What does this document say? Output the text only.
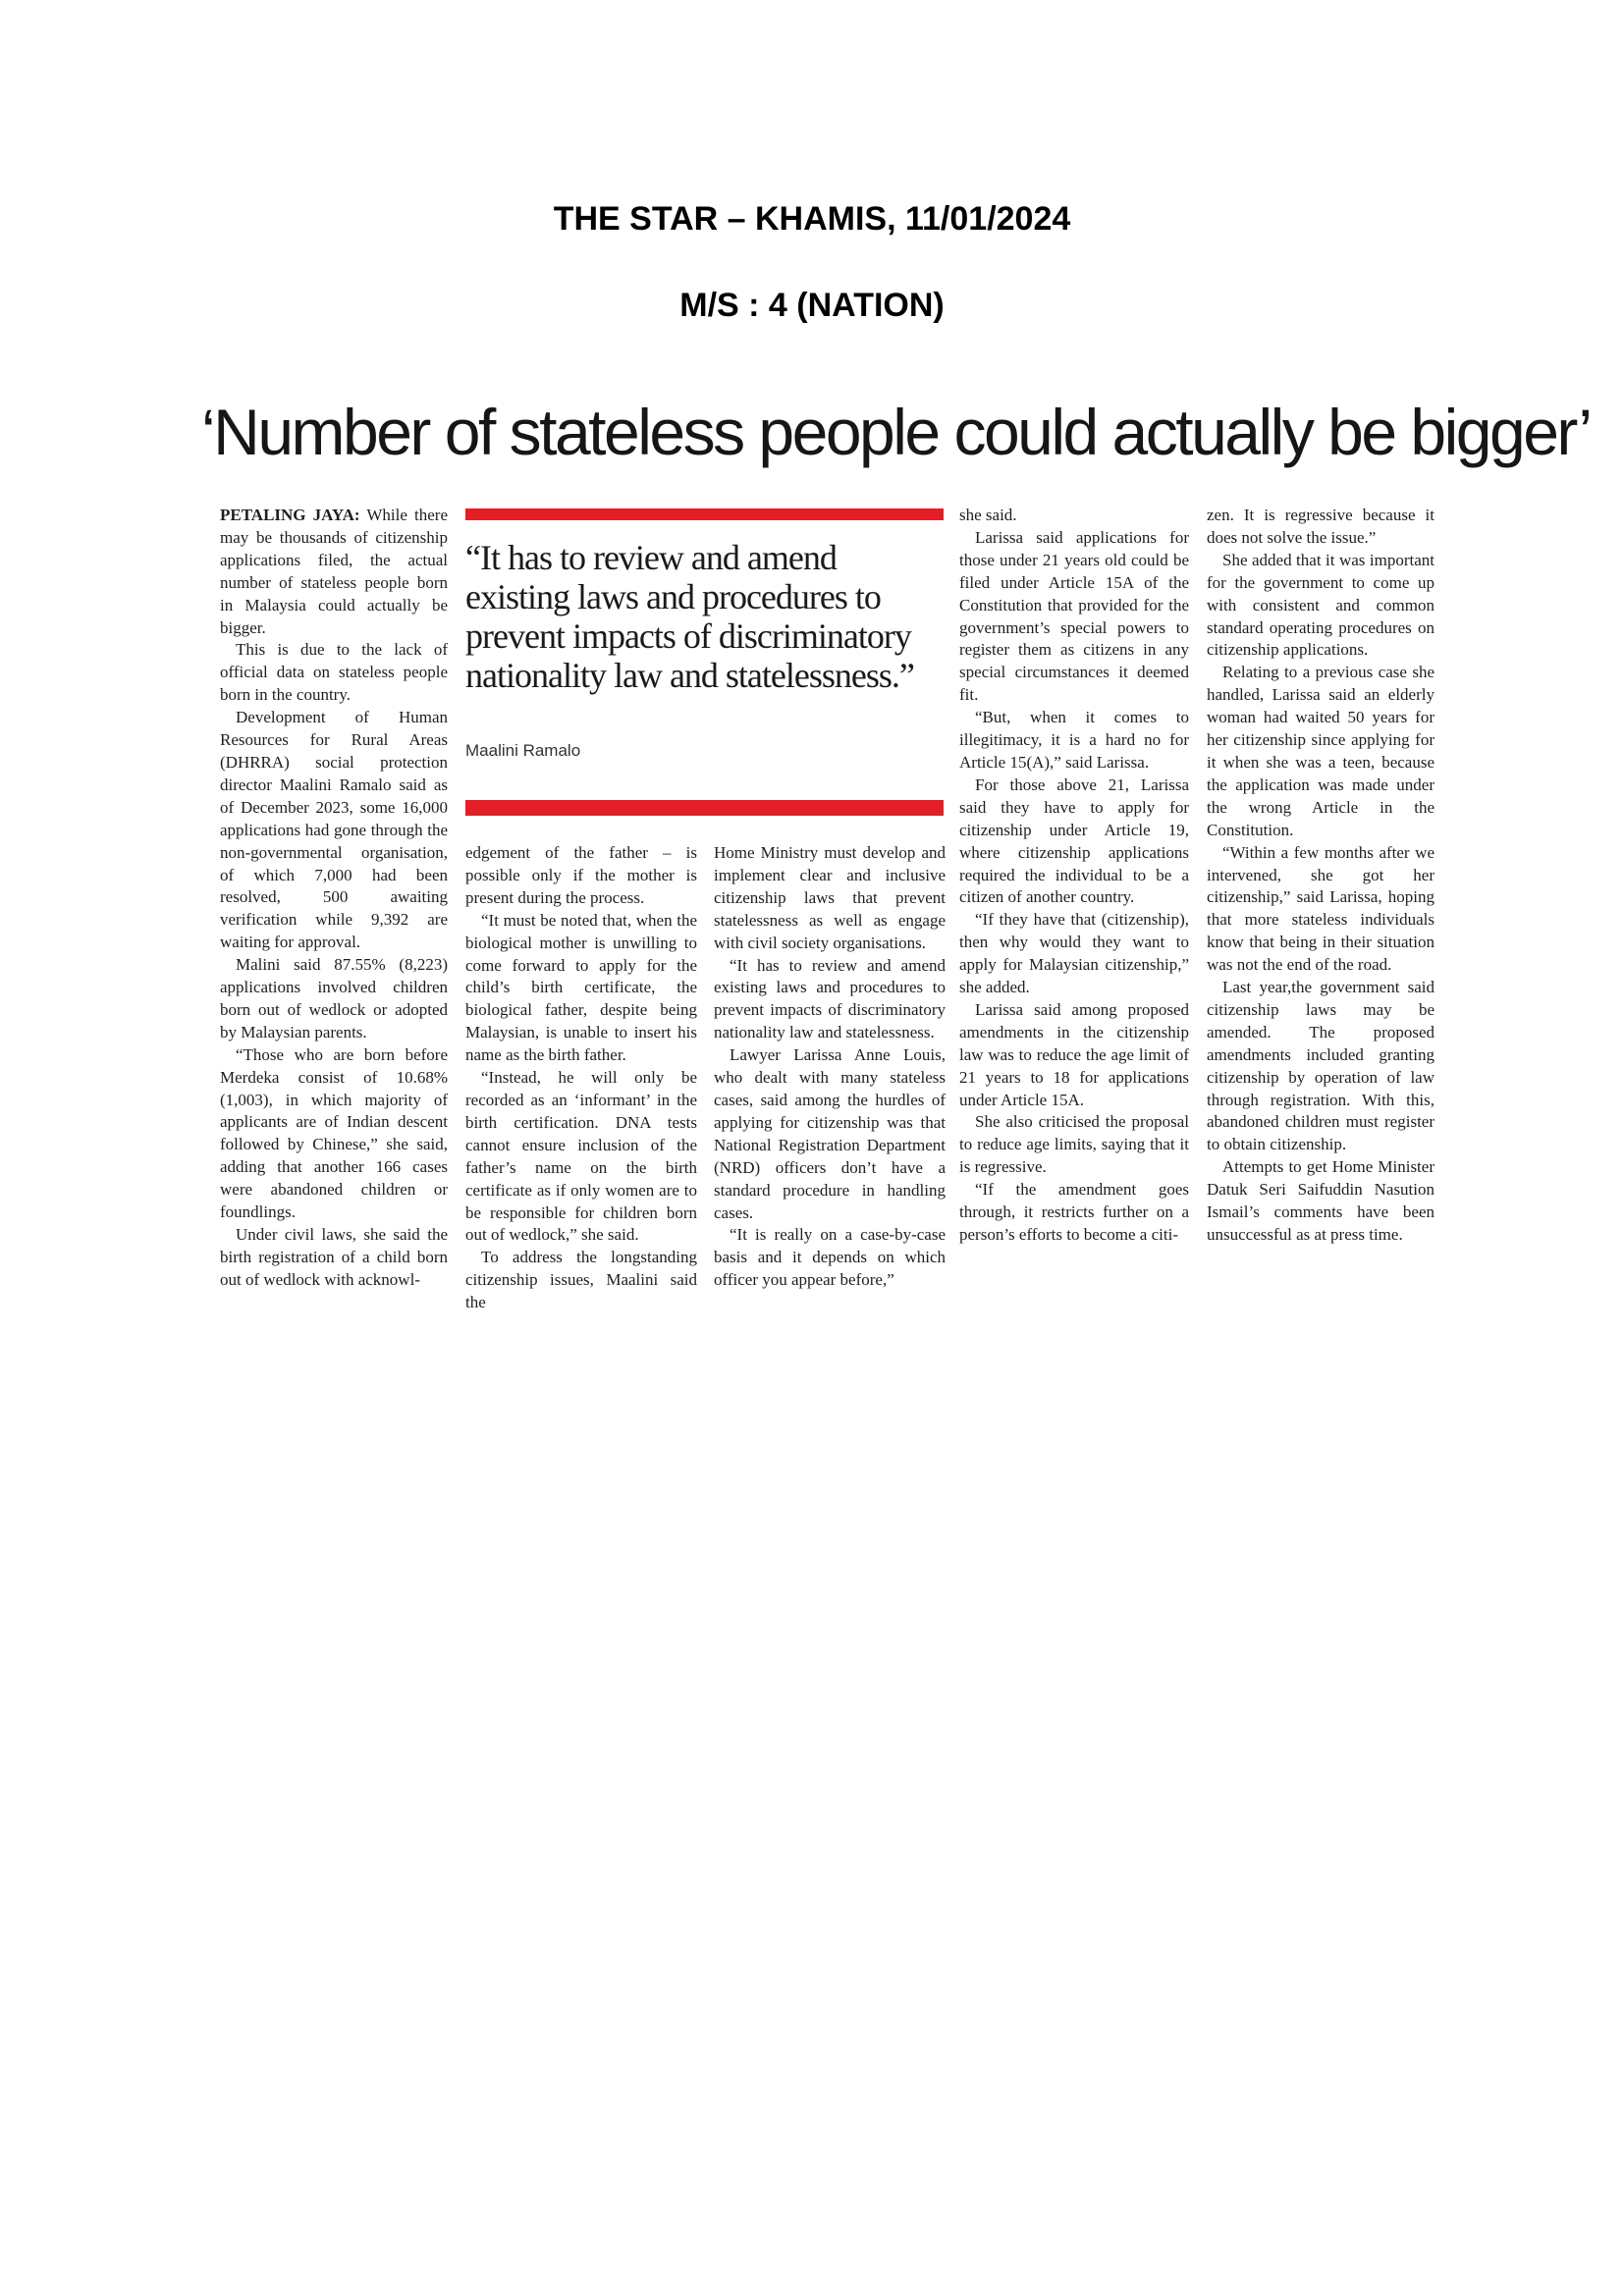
THE STAR – KHAMIS, 11/01/2024
M/S : 4 (NATION)
‘Number of stateless people could actually be bigger’

PETALING JAYA: While there may be thousands of citizenship applications filed, the actual number of stateless people born in Malaysia could actually be bigger.

This is due to the lack of official data on stateless people born in the country.

Development of Human Resources for Rural Areas (DHRRA) social protection director Maalini Ramalo said as of December 2023, some 16,000 applications had gone through the non-governmental organisation, of which 7,000 had been resolved, 500 awaiting verification while 9,392 are waiting for approval.

Malini said 87.55% (8,223) applications involved children born out of wedlock or adopted by Malaysian parents.

“Those who are born before Merdeka consist of 10.68% (1,003), in which majority of applicants are of Indian descent followed by Chinese,” she said, adding that another 166 cases were abandoned children or foundlings.

Under civil laws, she said the birth registration of a child born out of wedlock with acknowl-

“It has to review and amend existing laws and procedures to prevent impacts of discriminatory nationality law and statelessness.”
Maalini Ramalo

edgement of the father – is possible only if the mother is present during the process.

“It must be noted that, when the biological mother is unwilling to come forward to apply for the child’s birth certificate, the biological father, despite being Malaysian, is unable to insert his name as the birth father.

“Instead, he will only be recorded as an ‘informant’ in the birth certification. DNA tests cannot ensure inclusion of the father’s name on the birth certificate as if only women are to be responsible for children born out of wedlock,” she said.

To address the longstanding citizenship issues, Maalini said the

Home Ministry must develop and implement clear and inclusive citizenship laws that prevent statelessness as well as engage with civil society organisations.

“It has to review and amend existing laws and procedures to prevent impacts of discriminatory nationality law and statelessness.

Lawyer Larissa Anne Louis, who dealt with many stateless cases, said among the hurdles of applying for citizenship was that National Registration Department (NRD) officers don’t have a standard procedure in handling cases.

“It is really on a case-by-case basis and it depends on which officer you appear before,”

she said.

Larissa said applications for those under 21 years old could be filed under Article 15A of the Constitution that provided for the government’s special powers to register them as citizens in any special circumstances it deemed fit.

“But, when it comes to illegitimacy, it is a hard no for Article 15(A),” said Larissa.

For those above 21, Larissa said they have to apply for citizenship under Article 19, where citizenship applications required the individual to be a citizen of another country.

“If they have that (citizenship), then why would they want to apply for Malaysian citizenship,” she added.

Larissa said among proposed amendments in the citizenship law was to reduce the age limit of 21 years to 18 for applications under Article 15A.

She also criticised the proposal to reduce age limits, saying that it is regressive.

“If the amendment goes through, it restricts further on a person’s efforts to become a citi-

zen. It is regressive because it does not solve the issue.”

She added that it was important for the government to come up with consistent and common standard operating procedures on citizenship applications.

Relating to a previous case she handled, Larissa said an elderly woman had waited 50 years for her citizenship since applying for it when she was a teen, because the application was made under the wrong Article in the Constitution.

“Within a few months after we intervened, she got her citizenship,” said Larissa, hoping that more stateless individuals know that being in their situation was not the end of the road.

Last year,the government said citizenship laws may be amended. The proposed amendments included granting citizenship by operation of law through registration. With this, abandoned children must register to obtain citizenship.

Attempts to get Home Minister Datuk Seri Saifuddin Nasution Ismail’s comments have been unsuccessful as at press time.
